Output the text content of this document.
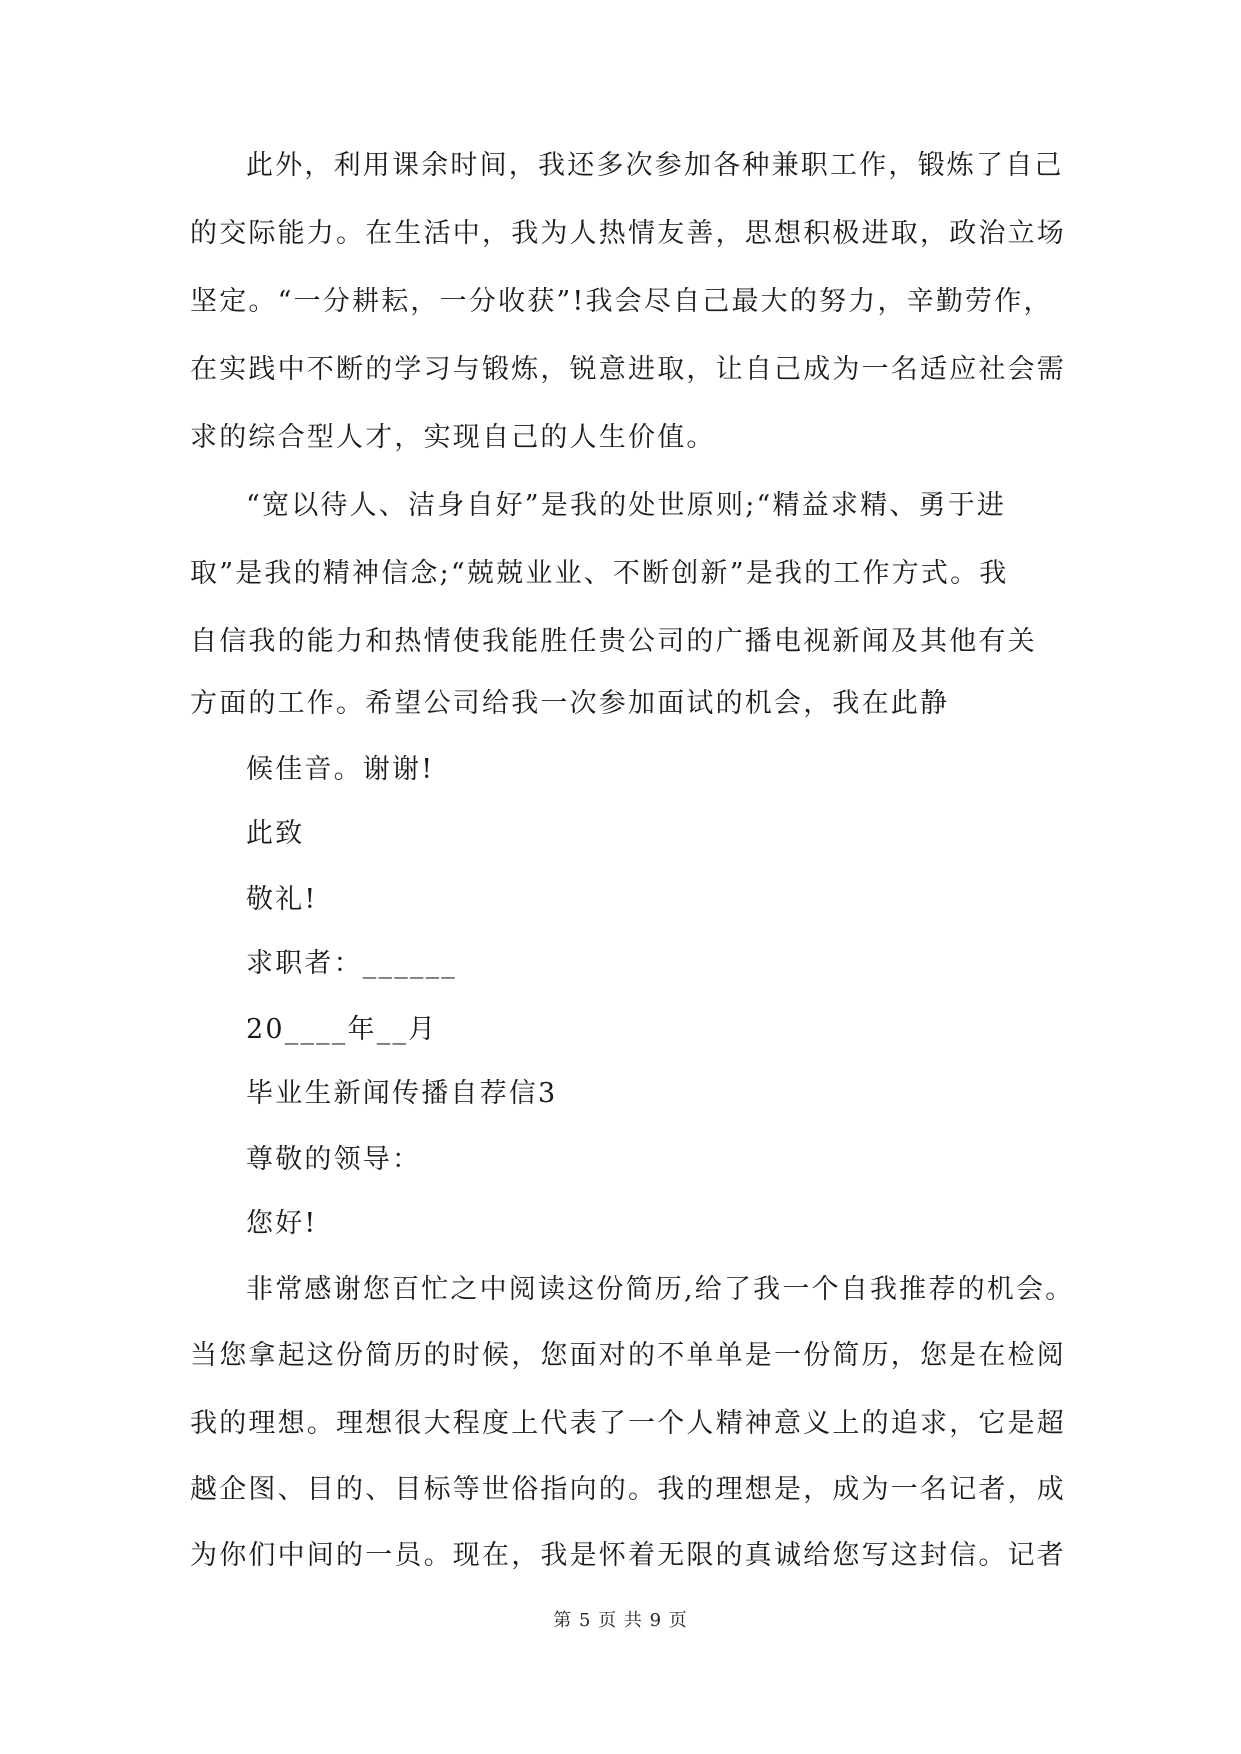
此外，利用课余时间，我还多次参加各种兼职工作，锻炼了自己
的交际能力。在生活中，我为人热情友善，思想积极进取，政治立场
坚定。“一分耕耘，一分收获”!我会尽自己最大的努力，辛勤劳作，
在实践中不断的学习与锻炼，锐意进取，让自己成为一名适应社会需
求的综合型人才，实现自己的人生价值。
“宽以待人、洁身自好”是我的处世原则;“精益求精、勇于进
取”是我的精神信念;“兢兢业业、不断创新”是我的工作方式。我
自信我的能力和热情使我能胜任贵公司的广播电视新闻及其他有关
方面的工作。希望公司给我一次参加面试的机会，我在此静
候佳音。谢谢!
此致
敬礼!
求职者：______
20____年__月
毕业生新闻传播自荐信3
尊敬的领导：
您好!
非常感谢您百忙之中阅读这份简历,给了我一个自我推荐的机会。
当您拿起这份简历的时候，您面对的不单单是一份简历，您是在检阅
我的理想。理想很大程度上代表了一个人精神意义上的追求，它是超
越企图、目的、目标等世俗指向的。我的理想是，成为一名记者，成
为你们中间的一员。现在，我是怀着无限的真诚给您写这封信。记者
第 5 页 共 9 页
